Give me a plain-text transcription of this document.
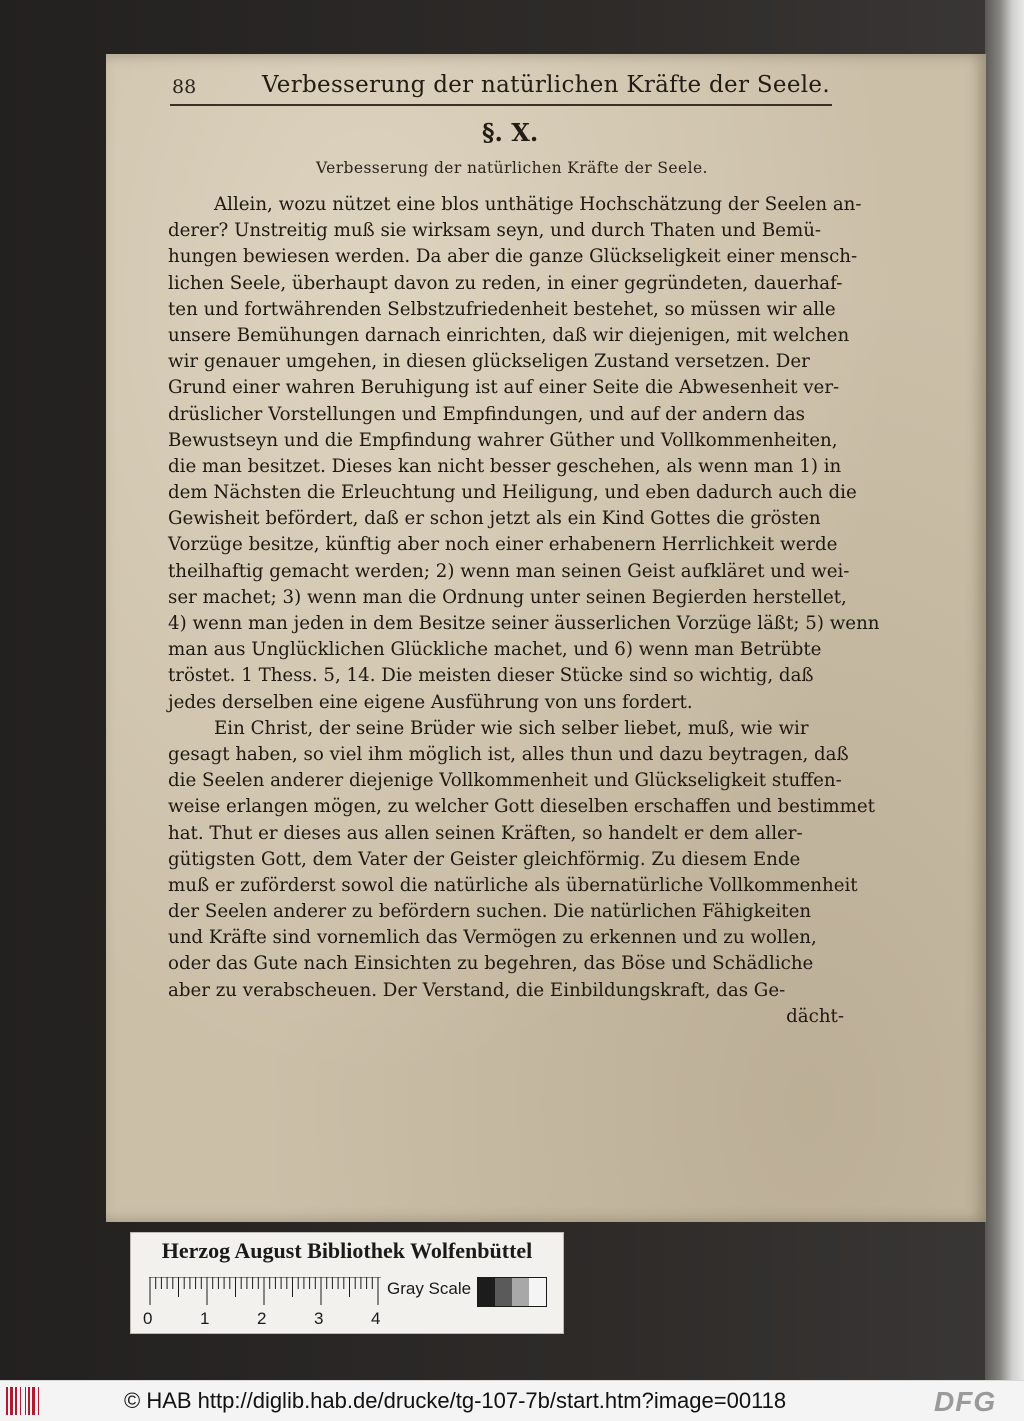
88	Verbesserung der natürlichen Kräfte der Seele.
§. X.
Verbesserung der natürlichen Kräfte der Seele.
Allein, wozu nützet eine blos unthätige Hochschätzung der Seelen an-
derer? Unstreitig muß sie wirksam seyn, und durch Thaten und Bemü-
hungen bewiesen werden. Da aber die ganze Glückseligkeit einer mensch-
lichen Seele, überhaupt davon zu reden, in einer gegründeten, dauerhaf-
ten und fortwährenden Selbstzufriedenheit bestehet, so müssen wir alle
unsere Bemühungen darnach einrichten, daß wir diejenigen, mit welchen
wir genauer umgehen, in diesen glückseligen Zustand versetzen. Der
Grund einer wahren Beruhigung ist auf einer Seite die Abwesenheit ver-
drüslicher Vorstellungen und Empfindungen, und auf der andern das
Bewustseyn und die Empfindung wahrer Güther und Vollkommenheiten,
die man besitzet. Dieses kan nicht besser geschehen, als wenn man 1) in
dem Nächsten die Erleuchtung und Heiligung, und eben dadurch auch die
Gewisheit befördert, daß er schon jetzt als ein Kind Gottes die grösten
Vorzüge besitze, künftig aber noch einer erhabenern Herrlichkeit werde
theilhaftig gemacht werden; 2) wenn man seinen Geist aufkläret und wei-
ser machet; 3) wenn man die Ordnung unter seinen Begierden herstellet,
4) wenn man jeden in dem Besitze seiner äusserlichen Vorzüge läßt; 5) wenn
man aus Unglücklichen Glückliche machet, und 6) wenn man Betrübte
tröstet. 1 Thess. 5, 14. Die meisten dieser Stücke sind so wichtig, daß
jedes derselben eine eigene Ausführung von uns fordert.
Ein Christ, der seine Brüder wie sich selber liebet, muß, wie wir
gesagt haben, so viel ihm möglich ist, alles thun und dazu beytragen, daß
die Seelen anderer diejenige Vollkommenheit und Glückseligkeit stuffen-
weise erlangen mögen, zu welcher Gott dieselben erschaffen und bestimmet
hat. Thut er dieses aus allen seinen Kräften, so handelt er dem aller-
gütigsten Gott, dem Vater der Geister gleichförmig. Zu diesem Ende
muß er zuförderst sowol die natürliche als übernatürliche Vollkommenheit
der Seelen anderer zu befördern suchen. Die natürlichen Fähigkeiten
und Kräfte sind vornemlich das Vermögen zu erkennen und zu wollen,
oder das Gute nach Einsichten zu begehren, das Böse und Schädliche
aber zu verabscheuen. Der Verstand, die Einbildungskraft, das Ge-
dächt-
Herzog August Bibliothek Wolfenbüttel
0	1	2	3	4
Gray Scale
© HAB http://diglib.hab.de/drucke/tg-107-7b/start.htm?image=00118	DFG
